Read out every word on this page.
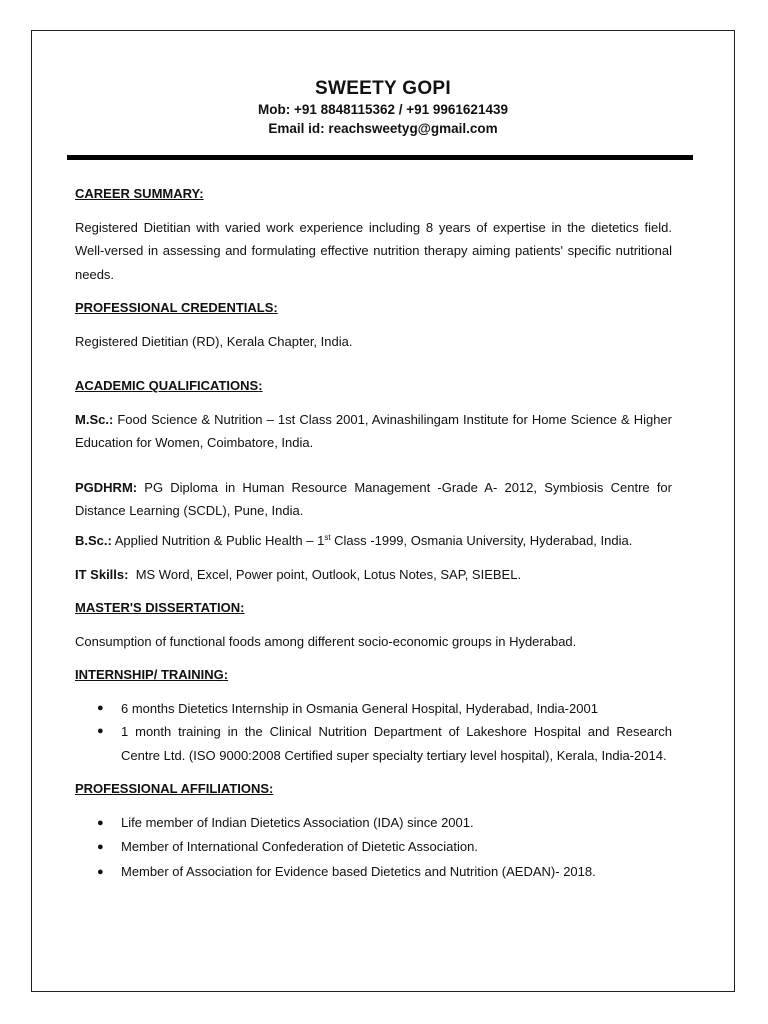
SWEETY GOPI
Mob: +91 8848115362 / +91 9961621439
Email id: reachsweetyg@gmail.com
CAREER SUMMARY:

Registered Dietitian with varied work experience including 8 years of expertise in the dietetics field. Well-versed in assessing and formulating effective nutrition therapy aiming patients' specific nutritional needs.

PROFESSIONAL CREDENTIALS:

Registered Dietitian (RD), Kerala Chapter, India.

ACADEMIC QUALIFICATIONS:

M.Sc.: Food Science & Nutrition – 1st Class 2001, Avinashilingam Institute for Home Science & Higher Education for Women, Coimbatore, India.

PGDHRM: PG Diploma in Human Resource Management -Grade A- 2012, Symbiosis Centre for Distance Learning (SCDL), Pune, India.

B.Sc.: Applied Nutrition & Public Health – 1st Class -1999, Osmania University, Hyderabad, India.

IT Skills:  MS Word, Excel, Power point, Outlook, Lotus Notes, SAP, SIEBEL.

MASTER'S DISSERTATION:

Consumption of functional foods among different socio-economic groups in Hyderabad.

INTERNSHIP/ TRAINING:
● 6 months Dietetics Internship in Osmania General Hospital, Hyderabad, India-2001
● 1 month training in the Clinical Nutrition Department of Lakeshore Hospital and Research Centre Ltd. (ISO 9000:2008 Certified super specialty tertiary level hospital), Kerala, India-2014.
PROFESSIONAL AFFILIATIONS:
● Life member of Indian Dietetics Association (IDA) since 2001.
● Member of International Confederation of Dietetic Association.
● Member of Association for Evidence based Dietetics and Nutrition (AEDAN)- 2018.
